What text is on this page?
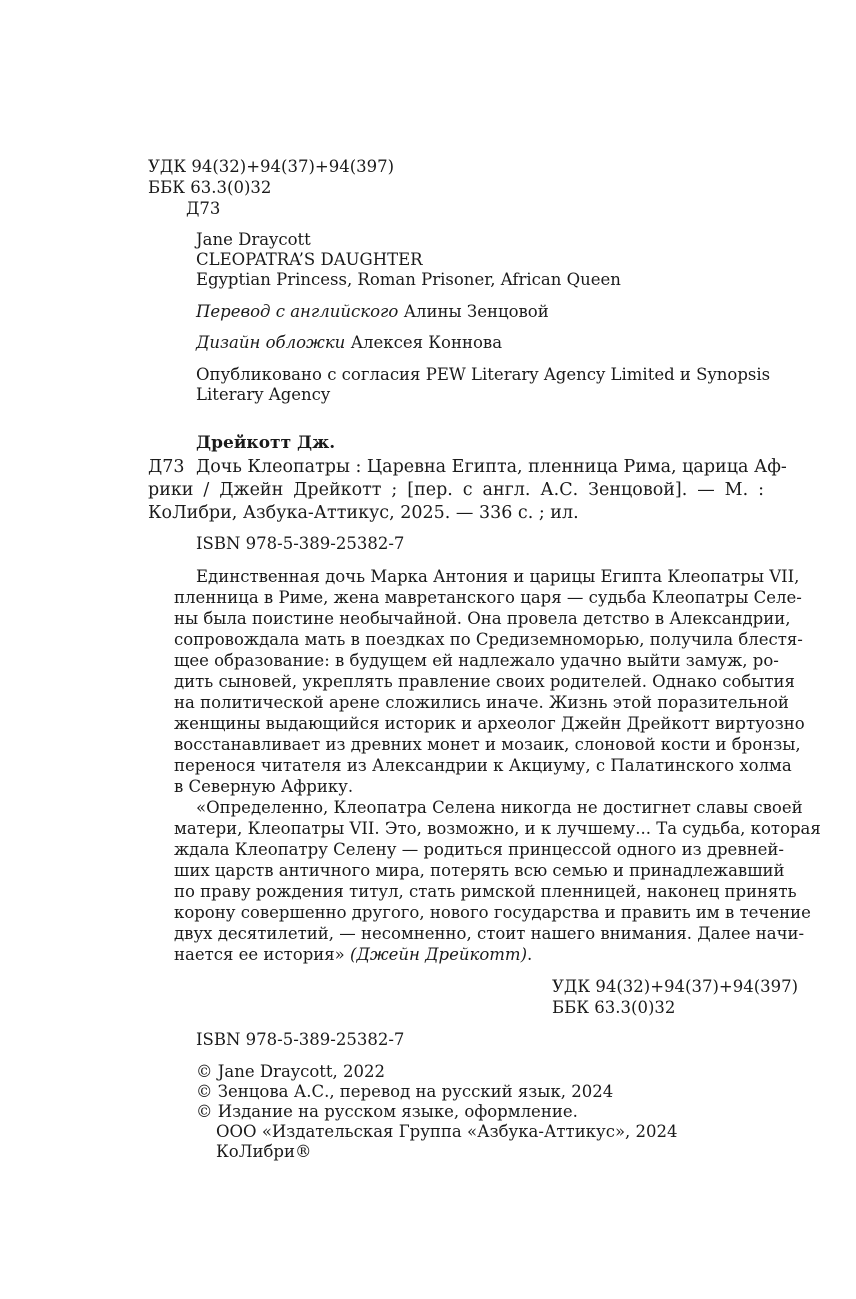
УДК 94(32)+94(37)+94(397)
ББК 63.3(0)32
Д73
Jane Draycott
CLEOPATRA’S DAUGHTER
Egyptian Princess, Roman Prisoner, African Queen
Перевод с английского Алины Зенцовой
Дизайн обложки Алексея Коннова
Опубликовано с согласия PEW Literary Agency Limited и Synopsis
Literary Agency
Дрейкотт Дж.
Д73 Дочь Клеопатры : Царевна Египта, пленница Рима, царица Аф-
рики / Джейн Дрейкотт ; [пер. с англ. А.С. Зенцовой]. — М. :
КоЛибри, Азбука-Аттикус, 2025. — 336 с. ; ил.
ISBN 978-5-389-25382-7
Единственная дочь Марка Антония и царицы Египта Клеопатры VII,
пленница в Риме, жена мавретанского царя — судьба Клеопатры Селе-
ны была поистине необычайной. Она провела детство в Александрии,
сопровождала мать в поездках по Средиземноморью, получила блестя-
щее образование: в будущем ей надлежало удачно выйти замуж, ро-
дить сыновей, укреплять правление своих родителей. Однако события
на политической арене сложились иначе. Жизнь этой поразительной
женщины выдающийся историк и археолог Джейн Дрейкотт виртуозно
восстанавливает из древних монет и мозаик, слоновой кости и бронзы,
перенося читателя из Александрии к Акциуму, с Палатинского холма
в Северную Африку.
«Определенно, Клеопатра Селена никогда не достигнет славы своей
матери, Клеопатры VII. Это, возможно, и к лучшему... Та судьба, которая
ждала Клеопатру Селену — родиться принцессой одного из древней-
ших царств античного мира, потерять всю семью и принадлежавший
по праву рождения титул, стать римской пленницей, наконец принять
корону совершенно другого, нового государства и править им в течение
двух десятилетий, — несомненно, стоит нашего внимания. Далее начи-
нается ее история» (Джейн Дрейкотт).
УДК 94(32)+94(37)+94(397)
ББК 63.3(0)32
ISBN 978-5-389-25382-7
© Jane Draycott, 2022
© Зенцова А.С., перевод на русский язык, 2024
© Издание на русском языке, оформление.
ООО «Издательская Группа «Азбука-Аттикус», 2024
КоЛибри®
